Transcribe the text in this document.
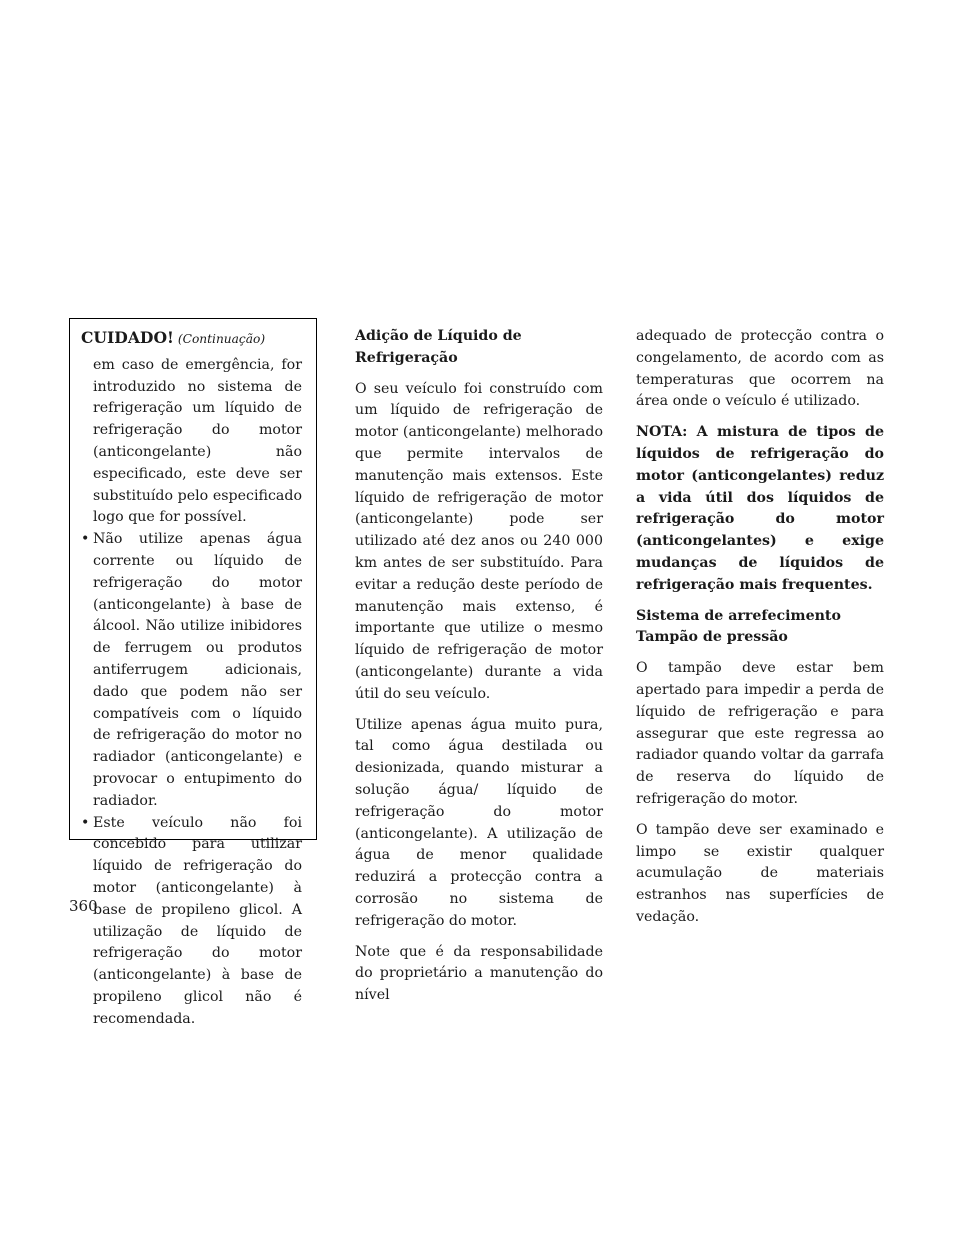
CUIDADO! (Continuação)

em caso de emergência, for introduzido no sistema de refrigeração um líquido de refrigeração do motor (anticongelante) não especificado, este deve ser substituído pelo especificado logo que for possível.

• Não utilize apenas água corrente ou líquido de refrigeração do motor (anticongelante) à base de álcool. Não utilize inibidores de ferrugem ou produtos antiferrugem adicionais, dado que podem não ser compatíveis com o líquido de refrigeração do motor no radiador (anticongelante) e provocar o entupimento do radiador.

• Este veículo não foi concebido para utilizar líquido de refrigeração do motor (anticongelante) à base de propileno glicol. A utilização de líquido de refrigeração do motor (anticongelante) à base de propileno glicol não é recomendada.

Adição de Líquido de Refrigeração

O seu veículo foi construído com um líquido de refrigeração de motor (anticongelante) melhorado que permite intervalos de manutenção mais extensos. Este líquido de refrigeração de motor (anticongelante) pode ser utilizado até dez anos ou 240 000 km antes de ser substituído. Para evitar a redução deste período de manutenção mais extenso, é importante que utilize o mesmo líquido de refrigeração de motor (anticongelante) durante a vida útil do seu veículo.

Utilize apenas água muito pura, tal como água destilada ou desionizada, quando misturar a solução água/ líquido de refrigeração do motor (anticongelante). A utilização de água de menor qualidade reduzirá a protecção contra a corrosão no sistema de refrigeração do motor.

Note que é da responsabilidade do proprietário a manutenção do nível

adequado de protecção contra o congelamento, de acordo com as temperaturas que ocorrem na área onde o veículo é utilizado.

NOTA: A mistura de tipos de líquidos de refrigeração do motor (anticongelantes) reduz a vida útil dos líquidos de refrigeração do motor (anticongelantes) e exige mudanças de líquidos de refrigeração mais frequentes.

Sistema de arrefecimento Tampão de pressão

O tampão deve estar bem apertado para impedir a perda de líquido de refrigeração e para assegurar que este regressa ao radiador quando voltar da garrafa de reserva do líquido de refrigeração do motor.

O tampão deve ser examinado e limpo se existir qualquer acumulação de materiais estranhos nas superfícies de vedação.

360
